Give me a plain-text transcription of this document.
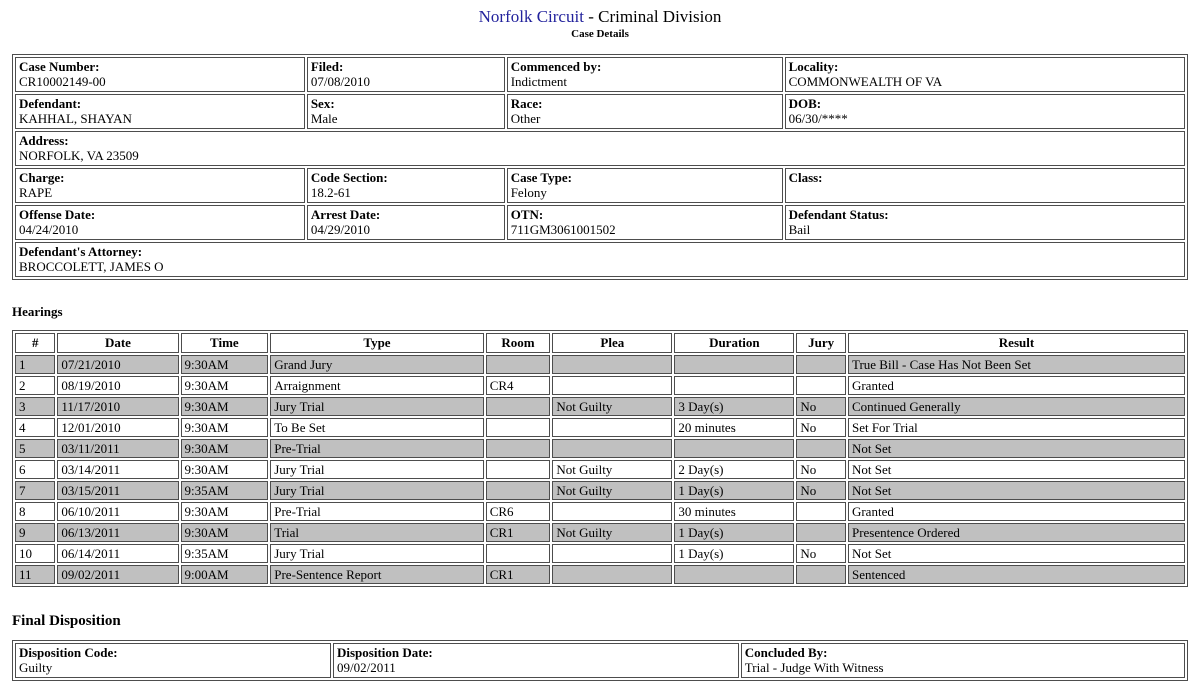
Norfolk Circuit - Criminal Division
Case Details
Case Number:
CR10002149-00	Filed:
07/08/2010	Commenced by:
Indictment	Locality:
COMMONWEALTH OF VA

Defendant:
KAHHAL, SHAYAN	Sex:
Male	Race:
Other	DOB:
06/30/****

Address:
NORFOLK, VA 23509			

Charge:
RAPE	Code Section:
18.2-61	Case Type:
Felony	Class:

Offense Date:
04/24/2010	Arrest Date:
04/29/2010	OTN:
711GM3061001502	Defendant Status:
Bail

Defendant's Attorney:
BROCCOLETT, JAMES O			
Hearings
#	Date	Time	Type	Room	Plea	Duration	Jury	Result
1	07/21/2010	9:30AM	Grand Jury					True Bill - Case Has Not Been Set
2	08/19/2010	9:30AM	Arraignment	CR4				Granted
3	11/17/2010	9:30AM	Jury Trial		Not Guilty	3 Day(s)	No	Continued Generally
4	12/01/2010	9:30AM	To Be Set			20 minutes	No	Set For Trial
5	03/11/2011	9:30AM	Pre-Trial					Not Set
6	03/14/2011	9:30AM	Jury Trial		Not Guilty	2 Day(s)	No	Not Set
7	03/15/2011	9:35AM	Jury Trial		Not Guilty	1 Day(s)	No	Not Set
8	06/10/2011	9:30AM	Pre-Trial	CR6		30 minutes		Granted
9	06/13/2011	9:30AM	Trial	CR1	Not Guilty	1 Day(s)		Presentence Ordered
10	06/14/2011	9:35AM	Jury Trial			1 Day(s)	No	Not Set
11	09/02/2011	9:00AM	Pre-Sentence Report	CR1				Sentenced
Final Disposition
Disposition Code:
Guilty

Disposition Date:
09/02/2011

Concluded By:
Trial - Judge With Witness
